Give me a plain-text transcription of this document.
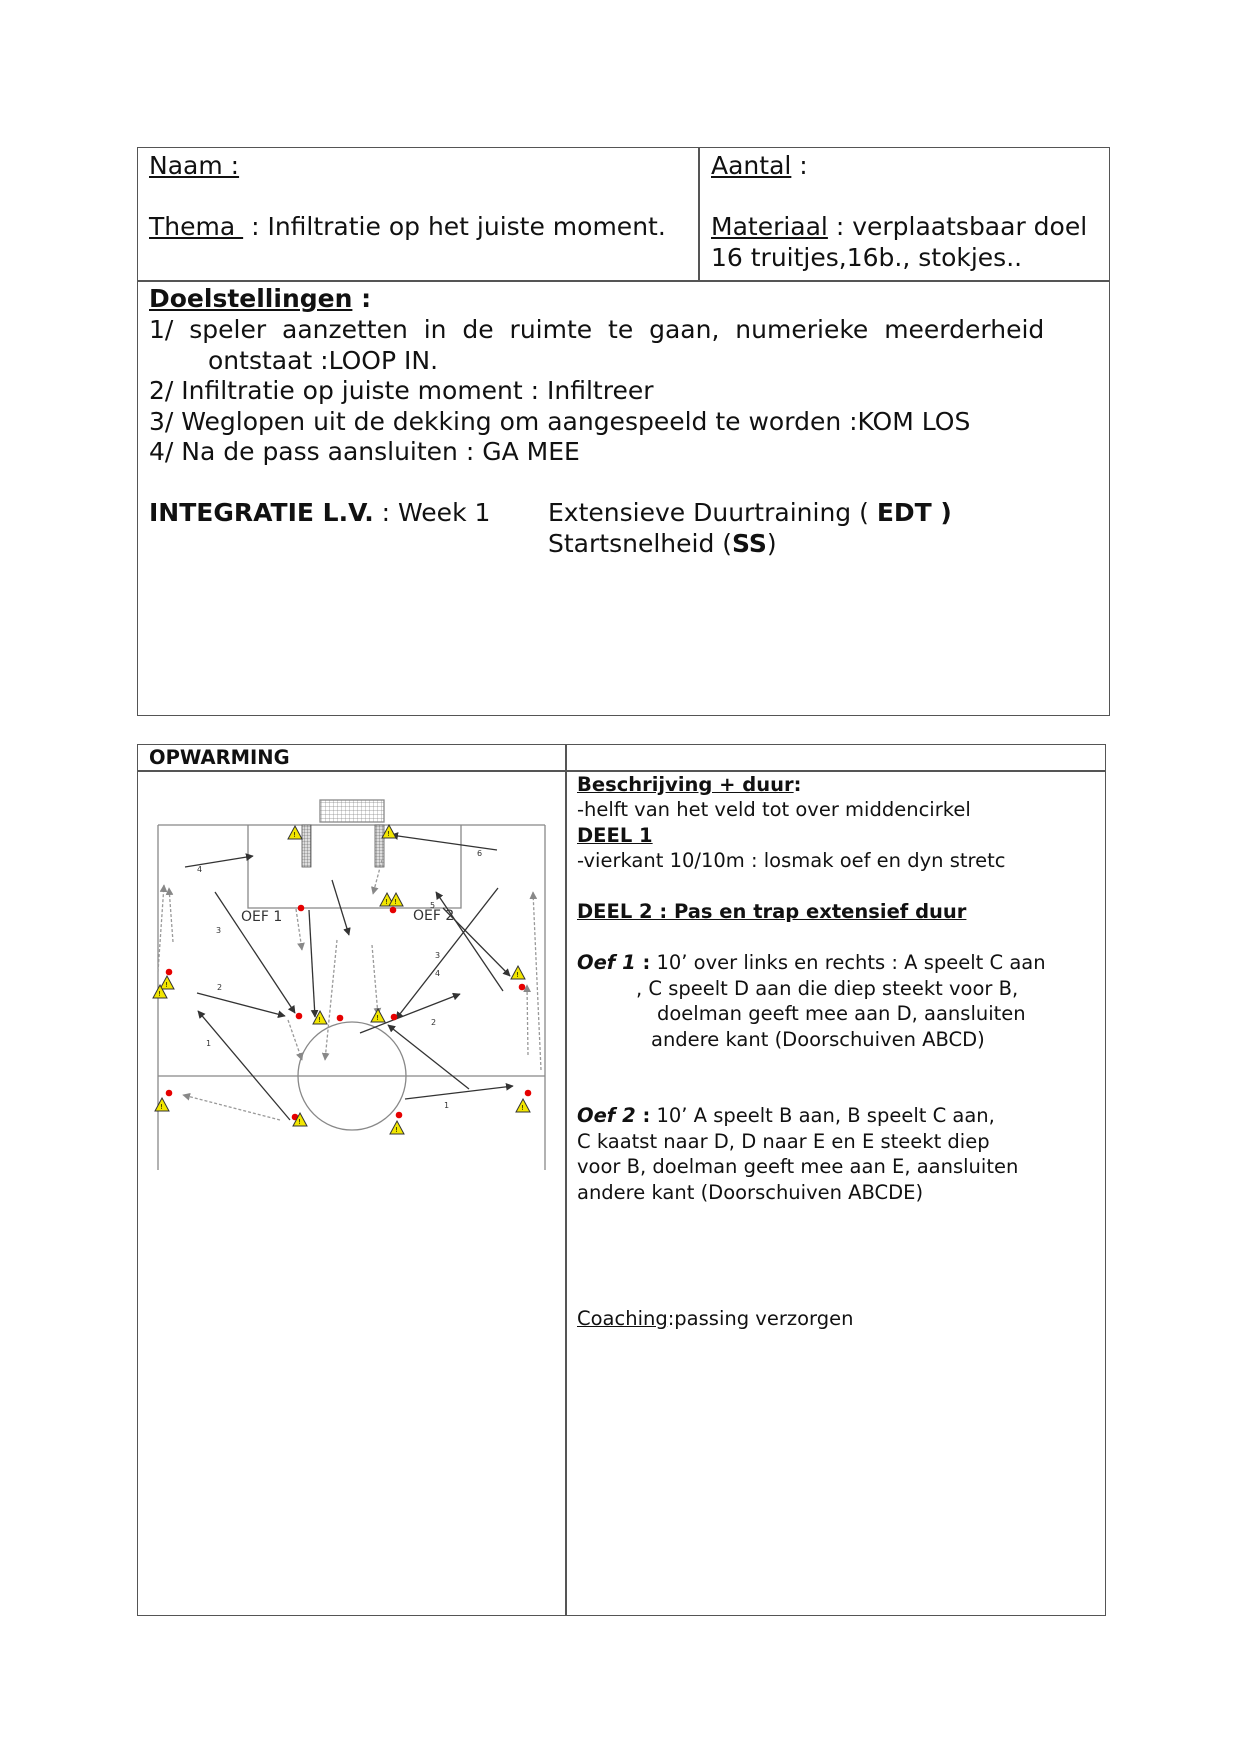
Naam :
Thema  : Infiltratie op het juiste moment.
Aantal :
Materiaal : verplaatsbaar doel
16 truitjes,16b., stokjes..
Doelstellingen :
1/  speler  aanzetten  in  de  ruimte  te  gaan,  numerieke  meerderheid
ontstaat :LOOP IN.
2/ Infiltratie op juiste moment : Infiltreer
3/ Weglopen uit de dekking om aangespeeld te worden :KOM LOS
4/ Na de pass aansluiten : GA MEE
INTEGRATIE L.V. : Week 1 Extensieve Duurtraining ( EDT )
Startsnelheid (SS)
OPWARMING
Beschrijving + duur:
-helft van het veld tot over middencirkel
DEEL 1
-vierkant 10/10m : losmak oef en dyn stretc
DEEL 2 : Pas en trap extensief duur
Oef 1 : 10’ over links en rechts : A speelt C aan
, C speelt D aan die diep steekt voor B,
doelman geeft mee aan D, aansluiten
andere kant (Doorschuiven ABCD)
Oef 2 : 10’ A speelt B aan, B speelt C aan,
C kaatst naar D, D naar E en E steekt diep
voor B, doelman geeft mee aan E, aansluiten
andere kant (Doorschuiven ABCDE)
Coaching:passing verzorgen
!	!
! !
!
!
!	!
!
!
!
!
!
OEF 1	OEF 2
4
6
3
5
2
3
4
2
1
1
